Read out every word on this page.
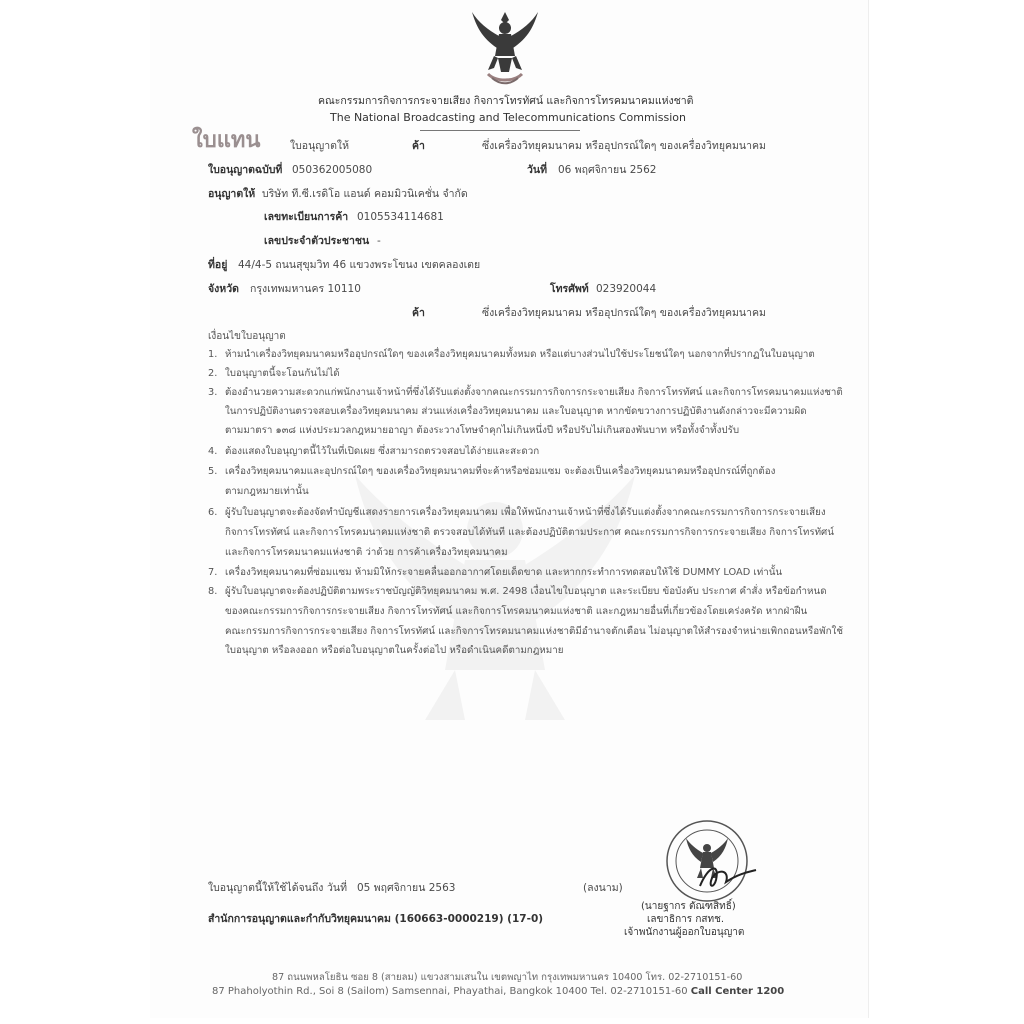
คณะกรรมการกิจการกระจายเสียง กิจการโทรทัศน์ และกิจการโทรคมนาคมแห่งชาติ
The National Broadcasting and Telecommunications Commission
ใบแทน	ใบอนุญาตให้	ค้า	ซึ่งเครื่องวิทยุคมนาคม หรืออุปกรณ์ใดๆ ของเครื่องวิทยุคมนาคม
ใบอนุญาตฉบับที่ 050362005080	วันที่ 06 พฤศจิกายน 2562
อนุญาตให้ บริษัท ที.ซี.เรดิโอ แอนด์ คอมมิวนิเคชั่น จำกัด
เลขทะเบียนการค้า 0105534114681
เลขประจำตัวประชาชน -
ที่อยู่ 44/4-5 ถนนสุขุมวิท 46 แขวงพระโขนง เขตคลองเตย
จังหวัด กรุงเทพมหานคร 10110	โทรศัพท์ 023920044
ค้า	ซึ่งเครื่องวิทยุคมนาคม หรืออุปกรณ์ใดๆ ของเครื่องวิทยุคมนาคม
เงื่อนไขใบอนุญาต
1. ห้ามนำเครื่องวิทยุคมนาคมหรืออุปกรณ์ใดๆ ของเครื่องวิทยุคมนาคมทั้งหมด หรือแต่บางส่วนไปใช้ประโยชน์ใดๆ นอกจากที่ปรากฏในใบอนุญาต
2. ใบอนุญาตนี้จะโอนกันไม่ได้
3. ต้องอำนวยความสะดวกแก่พนักงานเจ้าหน้าที่ซึ่งได้รับแต่งตั้งจากคณะกรรมการกิจการกระจายเสียง กิจการโทรทัศน์ และกิจการโทรคมนาคมแห่งชาติ
ในการปฏิบัติงานตรวจสอบเครื่องวิทยุคมนาคม ส่วนแห่งเครื่องวิทยุคมนาคม และใบอนุญาต หากขัดขวางการปฏิบัติงานดังกล่าวจะมีความผิด
ตามมาตรา ๑๓๘ แห่งประมวลกฎหมายอาญา ต้องระวางโทษจำคุกไม่เกินหนึ่งปี หรือปรับไม่เกินสองพันบาท หรือทั้งจำทั้งปรับ
4. ต้องแสดงใบอนุญาตนี้ไว้ในที่เปิดเผย ซึ่งสามารถตรวจสอบได้ง่ายและสะดวก
5. เครื่องวิทยุคมนาคมและอุปกรณ์ใดๆ ของเครื่องวิทยุคมนาคมที่จะค้าหรือซ่อมแซม จะต้องเป็นเครื่องวิทยุคมนาคมหรืออุปกรณ์ที่ถูกต้อง
ตามกฎหมายเท่านั้น
6. ผู้รับใบอนุญาตจะต้องจัดทำบัญชีแสดงรายการเครื่องวิทยุคมนาคม เพื่อให้พนักงานเจ้าหน้าที่ซึ่งได้รับแต่งตั้งจากคณะกรรมการกิจการกระจายเสียง
กิจการโทรทัศน์ และกิจการโทรคมนาคมแห่งชาติ ตรวจสอบได้ทันที และต้องปฏิบัติตามประกาศ คณะกรรมการกิจการกระจายเสียง กิจการโทรทัศน์
และกิจการโทรคมนาคมแห่งชาติ ว่าด้วย การค้าเครื่องวิทยุคมนาคม
7. เครื่องวิทยุคมนาคมที่ซ่อมแซม ห้ามมิให้กระจายคลื่นออกอากาศโดยเด็ดขาด และหากกระทำการทดสอบให้ใช้ DUMMY LOAD เท่านั้น
8. ผู้รับใบอนุญาตจะต้องปฏิบัติตามพระราชบัญญัติวิทยุคมนาคม พ.ศ. 2498 เงื่อนไขใบอนุญาต และระเบียบ ข้อบังคับ ประกาศ คำสั่ง หรือข้อกำหนด
ของคณะกรรมการกิจการกระจายเสียง กิจการโทรทัศน์ และกิจการโทรคมนาคมแห่งชาติ และกฎหมายอื่นที่เกี่ยวข้องโดยเคร่งครัด หากฝ่าฝืน
คณะกรรมการกิจการกระจายเสียง กิจการโทรทัศน์ และกิจการโทรคมนาคมแห่งชาติมีอำนาจตักเตือน ไม่อนุญาตให้สำรองจำหน่ายเพิกถอนหรือพักใช้
ใบอนุญาต หรือลงออก หรือต่อใบอนุญาตในครั้งต่อไป หรือดำเนินคดีตามกฎหมาย
ใบอนุญาตนี้ให้ใช้ได้จนถึง วันที่ 05 พฤศจิกายน 2563	(ลงนาม)
สำนักการอนุญาตและกำกับวิทยุคมนาคม (160663-0000219) (17-0)
(นายฐากร ตัณฑสิทธิ์)
เลขาธิการ กสทช.
เจ้าพนักงานผู้ออกใบอนุญาต
87 ถนนพหลโยธิน ซอย 8 (สายลม) แขวงสามเสนใน เขตพญาไท กรุงเทพมหานคร 10400 โทร. 02-2710151-60
87 Phaholyothin Rd., Soi 8 (Sailom) Samsennai, Phayathai, Bangkok 10400 Tel. 02-2710151-60 Call Center 1200
